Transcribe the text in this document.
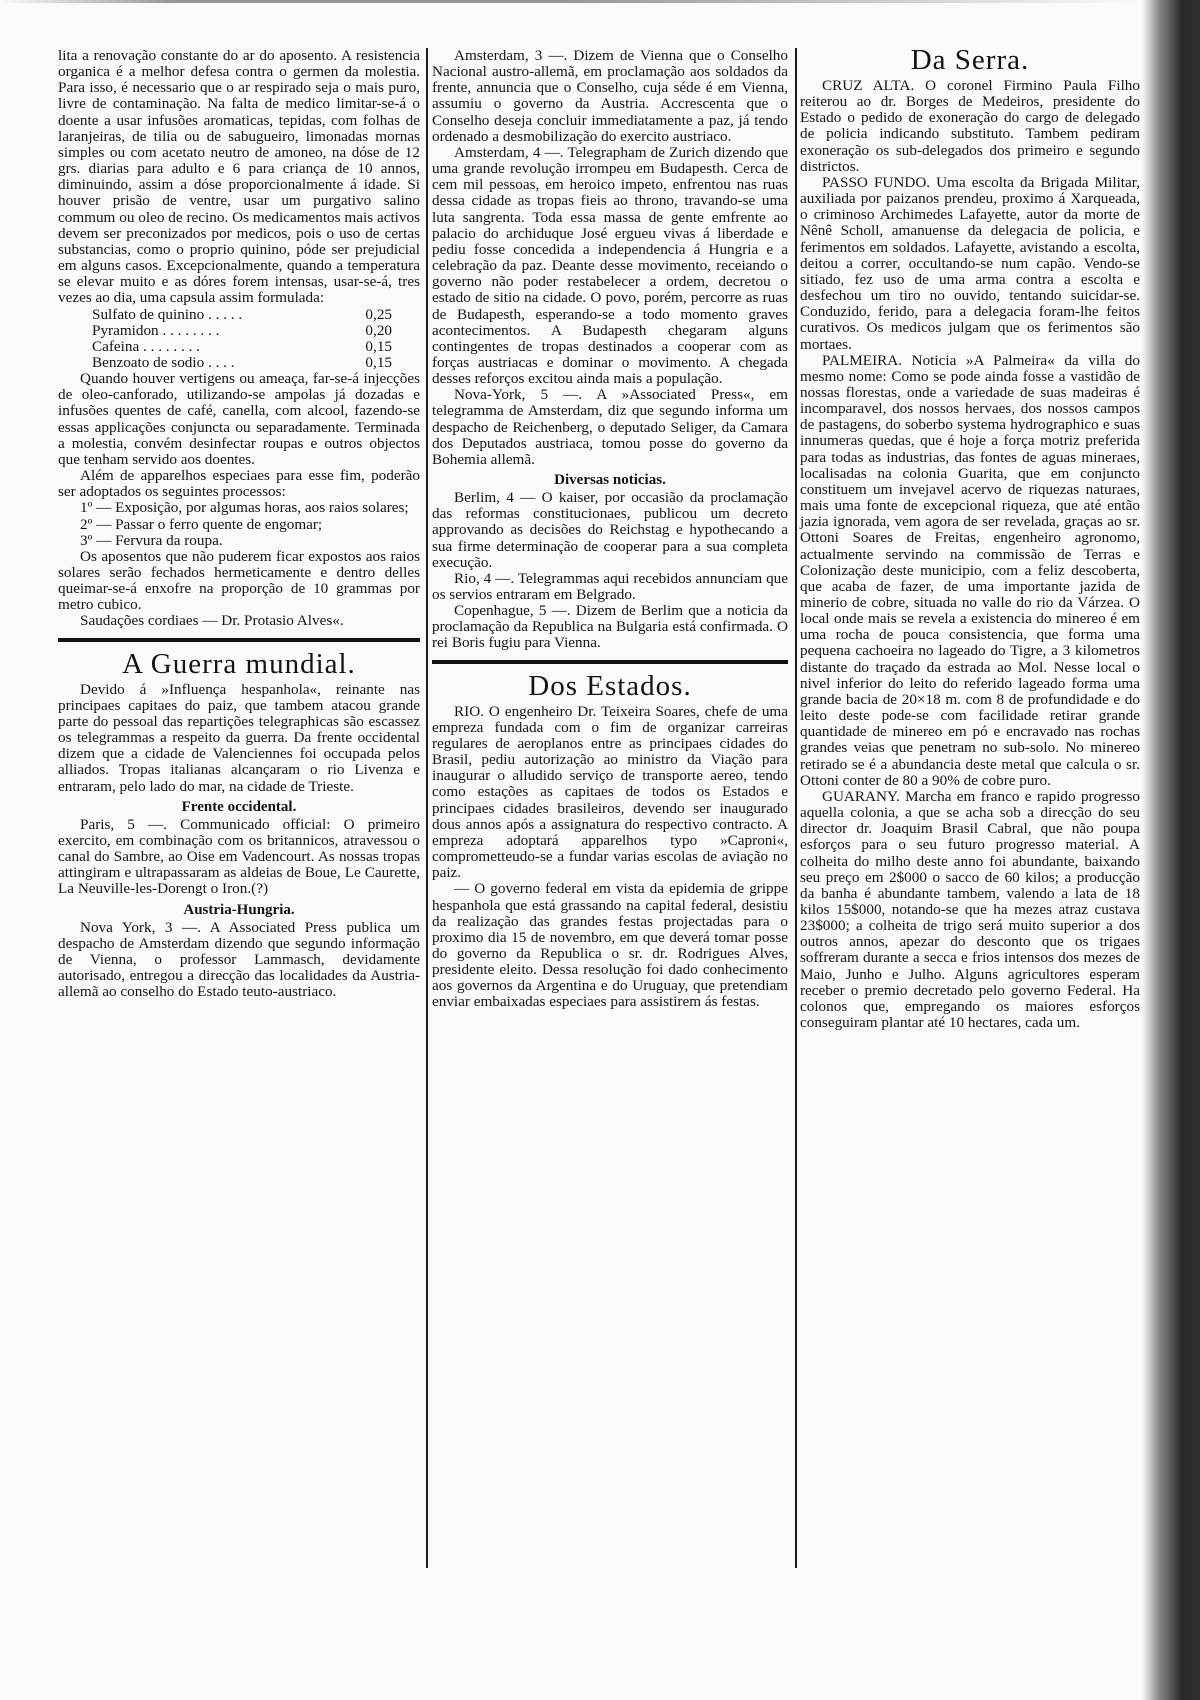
lita a renovação constante do ar do aposento. A resistencia organica é a melhor defesa contra o germen da molestia. Para isso, é necessario que o ar respirado seja o mais puro, livre de contaminação. Na falta de medico limitar-se-á o doente a usar infusões aromaticas, tepidas, com folhas de laranjeiras, de tilia ou de sabugueiro, limonadas mornas simples ou com acetato neutro de amoneo, na dóse de 12 grs. diarias para adulto e 6 para criança de 10 annos, diminuindo, assim a dóse proporcionalmente á idade. Si houver prisão de ventre, usar um purgativo salino commum ou oleo de recino. Os medicamentos mais activos devem ser preconizados por medicos, pois o uso de certas substancias, como o proprio quinino, póde ser prejudicial em alguns casos. Excepcionalmente, quando a temperatura se elevar muito e as dóres forem intensas, usar-se-á, tres vezes ao dia, uma capsula assim formulada:

Sulfato de quinino . . . . .	0,25
Pyramidon . . . . . . . .	0,20
Cafeina . . . . . . . .	0,15
Benzoato de sodio . . . .	0,15

Quando houver vertigens ou ameaça, far-se-á injecções de oleo-canforado, utilizando-se ampolas já dozadas e infusões quentes de café, canella, com alcool, fazendo-se essas applicações conjuncta ou separadamente. Terminada a molestia, convém desinfectar roupas e outros objectos que tenham servido aos doentes.

Além de apparelhos especiaes para esse fim, poderão ser adoptados os seguintes processos:

1º — Exposição, por algumas horas, aos raios solares;

2º — Passar o ferro quente de engomar;

3º — Fervura da roupa.

Os aposentos que não puderem ficar expostos aos raios solares serão fechados hermeticamente e dentro delles queimar-se-á enxofre na proporção de 10 grammas por metro cubico.

Saudações cordiaes — Dr. Protasio Alves«.

A Guerra mundial.

Devido á »Influença hespanhola«, reinante nas principaes capitaes do paiz, que tambem atacou grande parte do pessoal das repartições telegraphicas são escassez os telegrammas a respeito da guerra. Da frente occidental dizem que a cidade de Valenciennes foi occupada pelos alliados. Tropas italianas alcançaram o rio Livenza e entraram, pelo lado do mar, na cidade de Trieste.

Frente occidental.

Paris, 5 —. Communicado official: O primeiro exercito, em combinação com os britannicos, atravessou o canal do Sambre, ao Oise em Vadencourt. As nossas tropas attingiram e ultrapassaram as aldeias de Boue, Le Caurette, La Neuville-les-Dorengt o Iron.(?)

Austria-Hungria.

Nova York, 3 —. A Associated Press publica um despacho de Amsterdam dizendo que segundo informação de Vienna, o professor Lammasch, devidamente autorisado, entregou a direcção das localidades da Austria-allemã ao conselho do Estado teuto-austriaco.

Amsterdam, 3 —. Dizem de Vienna que o Conselho Nacional austro-allemã, em proclamação aos soldados da frente, annuncia que o Conselho, cuja séde é em Vienna, assumiu o governo da Austria. Accrescenta que o Conselho deseja concluir immediatamente a paz, já tendo ordenado a desmobilização do exercito austriaco.

Amsterdam, 4 —. Telegrapham de Zurich dizendo que uma grande revolução irrompeu em Budapesth. Cerca de cem mil pessoas, em heroico impeto, enfrentou nas ruas dessa cidade as tropas fieis ao throno, travando-se uma luta sangrenta. Toda essa massa de gente emfrente ao palacio do archiduque José ergueu vivas á liberdade e pediu fosse concedida a independencia á Hungria e a celebração da paz. Deante desse movimento, receiando o governo não poder restabelecer a ordem, decretou o estado de sitio na cidade. O povo, porém, percorre as ruas de Budapesth, esperando-se a todo momento graves acontecimentos. A Budapesth chegaram alguns contingentes de tropas destinados a cooperar com as forças austriacas e dominar o movimento. A chegada desses reforços excitou ainda mais a população.

Nova-York, 5 —. A »Associated Press«, em telegramma de Amsterdam, diz que segundo informa um despacho de Reichenberg, o deputado Seliger, da Camara dos Deputados austriaca, tomou posse do governo da Bohemia allemã.

Diversas noticias.

Berlim, 4 — O kaiser, por occasião da proclamação das reformas constitucionaes, publicou um decreto approvando as decisões do Reichstag e hypothecando a sua firme determinação de cooperar para a sua completa execução.

Rio, 4 —. Telegrammas aqui recebidos annunciam que os servios entraram em Belgrado.

Copenhague, 5 —. Dizem de Berlim que a noticia da proclamação da Republica na Bulgaria está confirmada. O rei Boris fugiu para Vienna.

Dos Estados.

RIO. O engenheiro Dr. Teixeira Soares, chefe de uma empreza fundada com o fim de organizar carreiras regulares de aeroplanos entre as principaes cidades do Brasil, pediu autorização ao ministro da Viação para inaugurar o alludido serviço de transporte aereo, tendo como estações as capitaes de todos os Estados e principaes cidades brasileiros, devendo ser inaugurado dous annos após a assignatura do respectivo contracto. A empreza adoptará apparelhos typo »Caproni«, comprometteudo-se a fundar varias escolas de aviação no paiz.

— O governo federal em vista da epidemia de grippe hespanhola que está grassando na capital federal, desistiu da realização das grandes festas projectadas para o proximo dia 15 de novembro, em que deverá tomar posse do governo da Republica o sr. dr. Rodrigues Alves, presidente eleito. Dessa resolução foi dado conhecimento aos governos da Argentina e do Uruguay, que pretendiam enviar embaixadas especiaes para assistirem ás festas.

Da Serra.

CRUZ ALTA. O coronel Firmino Paula Filho reiterou ao dr. Borges de Medeiros, presidente do Estado o pedido de exoneração do cargo de delegado de policia indicando substituto. Tambem pediram exoneração os sub-delegados dos primeiro e segundo districtos.

PASSO FUNDO. Uma escolta da Brigada Militar, auxiliada por paizanos prendeu, proximo á Xarqueada, o criminoso Archimedes Lafayette, autor da morte de Nênê Scholl, amanuense da delegacia de policia, e ferimentos em soldados. Lafayette, avistando a escolta, deitou a correr, occultando-se num capão. Vendo-se sitiado, fez uso de uma arma contra a escolta e desfechou um tiro no ouvido, tentando suicidar-se. Conduzido, ferido, para a delegacia foram-lhe feitos curativos. Os medicos julgam que os ferimentos são mortaes.

PALMEIRA. Noticia »A Palmeira« da villa do mesmo nome: Como se pode ainda fosse a vastidão de nossas florestas, onde a variedade de suas madeiras é incomparavel, dos nossos hervaes, dos nossos campos de pastagens, do soberbo systema hydrographico e suas innumeras quedas, que é hoje a força motriz preferida para todas as industrias, das fontes de aguas mineraes, localisadas na colonia Guarita, que em conjuncto constituem um invejavel acervo de riquezas naturaes, mais uma fonte de excepcional riqueza, que até então jazia ignorada, vem agora de ser revelada, graças ao sr. Ottoni Soares de Freitas, engenheiro agronomo, actualmente servindo na commissão de Terras e Colonização deste municipio, com a feliz descoberta, que acaba de fazer, de uma importante jazida de minerio de cobre, situada no valle do rio da Várzea. O local onde mais se revela a existencia do minereo é em uma rocha de pouca consistencia, que forma uma pequena cachoeira no lageado do Tigre, a 3 kilometros distante do traçado da estrada ao Mol. Nesse local o nivel inferior do leito do referido lageado forma uma grande bacia de 20×18 m. com 8 de profundidade e do leito deste pode-se com facilidade retirar grande quantidade de minereo em pó e encravado nas rochas grandes veias que penetram no sub-solo. No minereo retirado se é a abundancia deste metal que calcula o sr. Ottoni conter de 80 a 90% de cobre puro.

GUARANY. Marcha em franco e rapido progresso aquella colonia, a que se acha sob a direcção do seu director dr. Joaquim Brasil Cabral, que não poupa esforços para o seu futuro progresso material. A colheita do milho deste anno foi abundante, baixando seu preço em 2$000 o sacco de 60 kilos; a producção da banha é abundante tambem, valendo a lata de 18 kilos 15$000, notando-se que ha mezes atraz custava 23$000; a colheita de trigo será muito superior a dos outros annos, apezar do desconto que os trigaes soffreram durante a secca e frios intensos dos mezes de Maio, Junho e Julho. Alguns agricultores esperam receber o premio decretado pelo governo Federal. Ha colonos que, empregando os maiores esforços conseguiram plantar até 10 hectares, cada um.
